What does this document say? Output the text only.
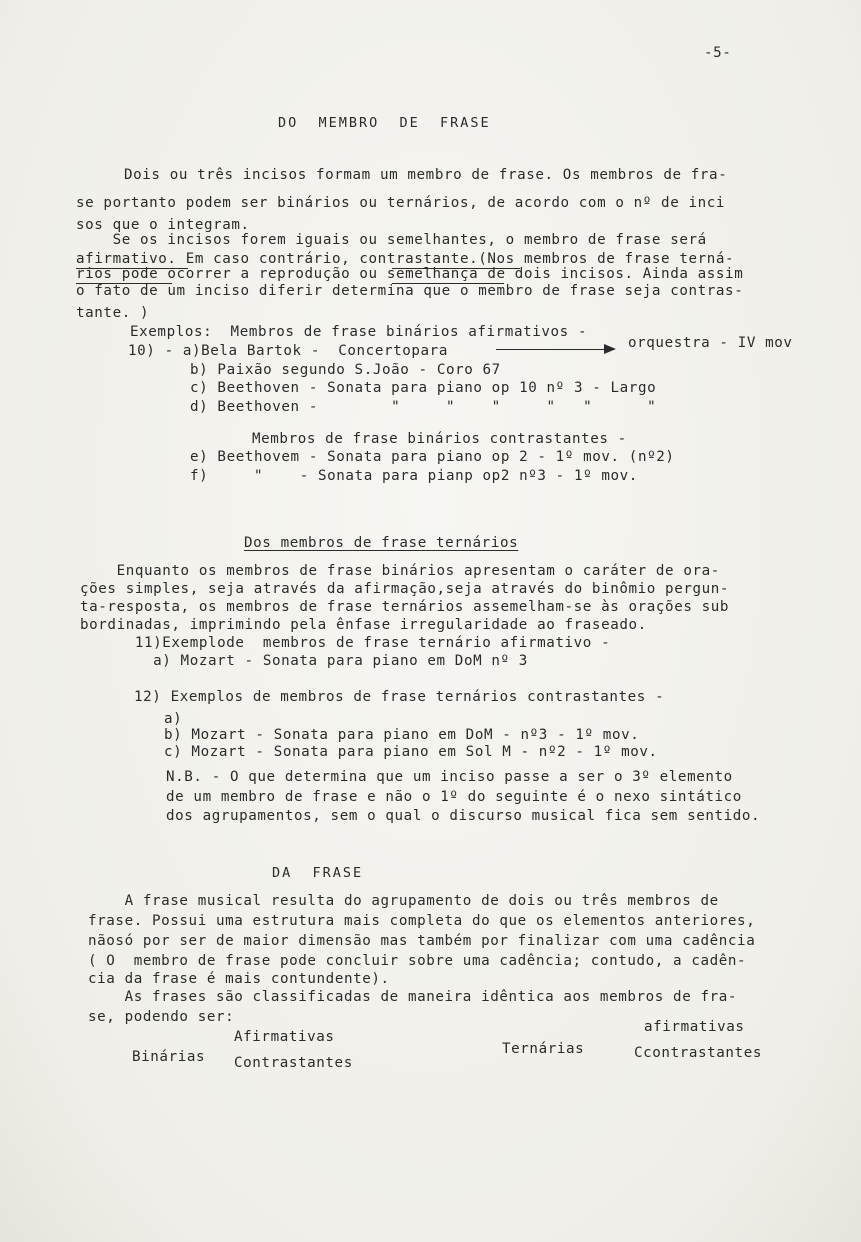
-5-
DO  MEMBRO  DE  FRASE
Dois ou três incisos formam um membro de frase. Os membros de fra-
se portanto podem ser binários ou ternários, de acordo com o nº de inci
sos que o integram.
Se os incisos forem iguais ou semelhantes, o membro de frase será
afirmativo. Em caso contrário, contrastante.(Nos membros de frase terná-
rios pode ocorrer a reprodução ou semelhança de dois incisos. Ainda assim
o fato de um inciso diferir determina que o membro de frase seja contras-
tante. )
Exemplos:  Membros de frase binários afirmativos -
10) - a)Bela Bartok -  Concertopara	orquestra - IV mov
b) Paixão segundo S.João - Coro 67
c) Beethoven - Sonata para piano op 10 nº 3 - Largo
d) Beethoven -        "     "    "     "   "      "
Membros de frase binários contrastantes -
e) Beethovem - Sonata para piano op 2 - 1º mov. (nº2)
f)     "    - Sonata para pianp op2 nº3 - 1º mov.
Dos membros de frase ternários
Enquanto os membros de frase binários apresentam o caráter de ora-
ções simples, seja através da afirmação,seja através do binômio pergun-
ta-resposta, os membros de frase ternários assemelham-se às orações sub
bordinadas, imprimindo pela ênfase irregularidade ao fraseado.
11)Exemplode  membros de frase ternário afirmativo -
a) Mozart - Sonata para piano em DoM nº 3
12) Exemplos de membros de frase ternários contrastantes -
a)
b) Mozart - Sonata para piano em DoM - nº3 - 1º mov.
c) Mozart - Sonata para piano em Sol M - nº2 - 1º mov.
N.B. - O que determina que um inciso passe a ser o 3º elemento
de um membro de frase e não o 1º do seguinte é o nexo sintático
dos agrupamentos, sem o qual o discurso musical fica sem sentido.
DA  FRASE
A frase musical resulta do agrupamento de dois ou três membros de
frase. Possui uma estrutura mais completa do que os elementos anteriores,
nãosó por ser de maior dimensão mas também por finalizar com uma cadência
( O  membro de frase pode concluir sobre uma cadência; contudo, a cadên-
cia da frase é mais contundente).
As frases são classificadas de maneira idêntica aos membros de fra-
se, podendo ser:
Binárias
Afirmativas
Contrastantes
Ternárias
afirmativas
Ccontrastantes
